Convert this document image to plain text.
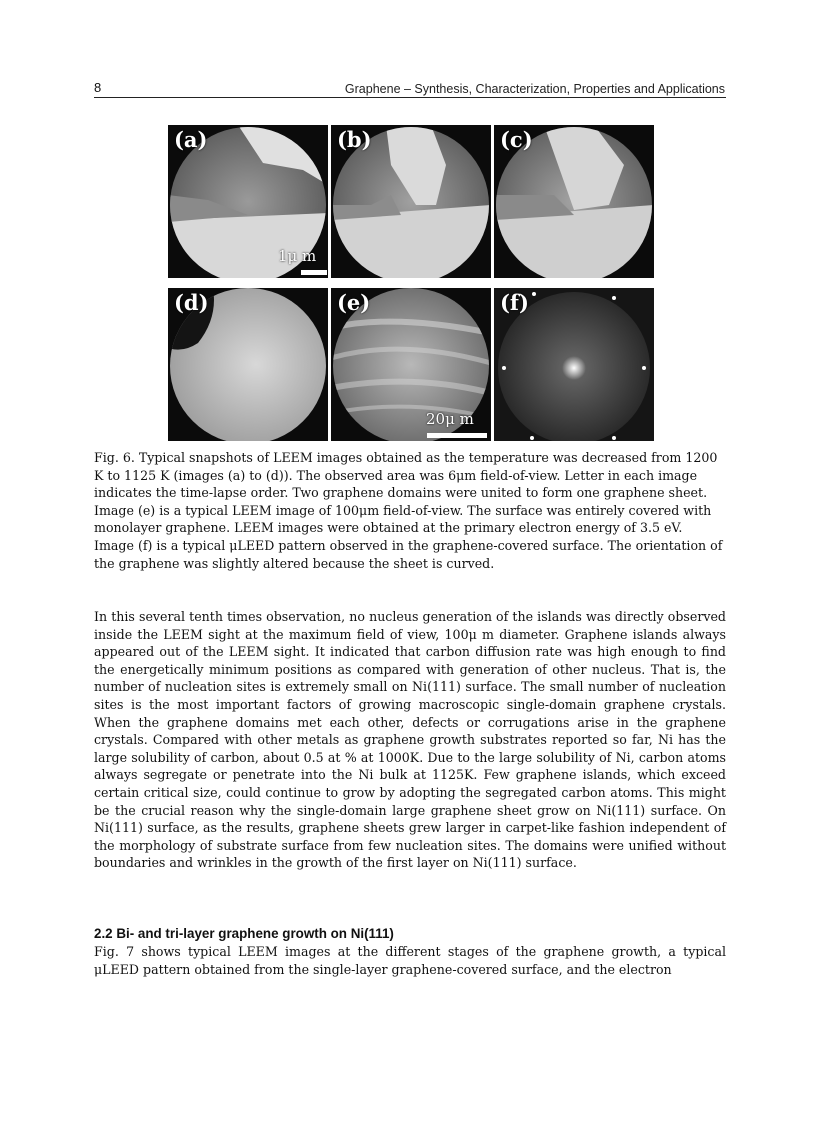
8	Graphene – Synthesis, Characterization, Properties and Applications
(a)
1μ m
(b)	(c)
(d)	(e)
20μ m
(f)
Fig. 6. Typical snapshots of LEEM images obtained as the temperature was decreased from 1200 K to 1125 K (images (a) to (d)). The observed area was 6μm field-of-view. Letter in each image indicates the time-lapse order. Two graphene domains were united to form one graphene sheet. Image (e) is a typical LEEM image of 100μm field-of-view. The surface was entirely covered with monolayer graphene. LEEM images were obtained at the primary electron energy of 3.5 eV. Image (f) is a typical μLEED pattern observed in the graphene-covered surface. The orientation of the graphene was slightly altered because the sheet is curved.
In this several tenth times observation, no nucleus generation of the islands was directly observed inside the LEEM sight at the maximum field of view, 100μ m diameter. Graphene islands always appeared out of the LEEM sight. It indicated that carbon diffusion rate was high enough to find the energetically minimum positions as compared with generation of other nucleus. That is, the number of nucleation sites is extremely small on Ni(111) surface. The small number of nucleation sites is the most important factors of growing macroscopic single-domain graphene crystals. When the graphene domains met each other, defects or corrugations arise in the graphene crystals. Compared with other metals as graphene growth substrates reported so far, Ni has the large solubility of carbon, about 0.5 at % at 1000K. Due to the large solubility of Ni, carbon atoms always segregate or penetrate into the Ni bulk at 1125K. Few graphene islands, which exceed certain critical size, could continue to grow by adopting the segregated carbon atoms. This might be the crucial reason why the single-domain large graphene sheet grow on Ni(111) surface. On Ni(111) surface, as the results, graphene sheets grew larger in carpet-like fashion independent of the morphology of substrate surface from few nucleation sites. The domains were unified without boundaries and wrinkles in the growth of the first layer on Ni(111) surface.
2.2 Bi- and tri-layer graphene growth on Ni(111)
Fig. 7 shows typical LEEM images at the different stages of the graphene growth, a typical μLEED pattern obtained from the single-layer graphene-covered surface, and the electron
